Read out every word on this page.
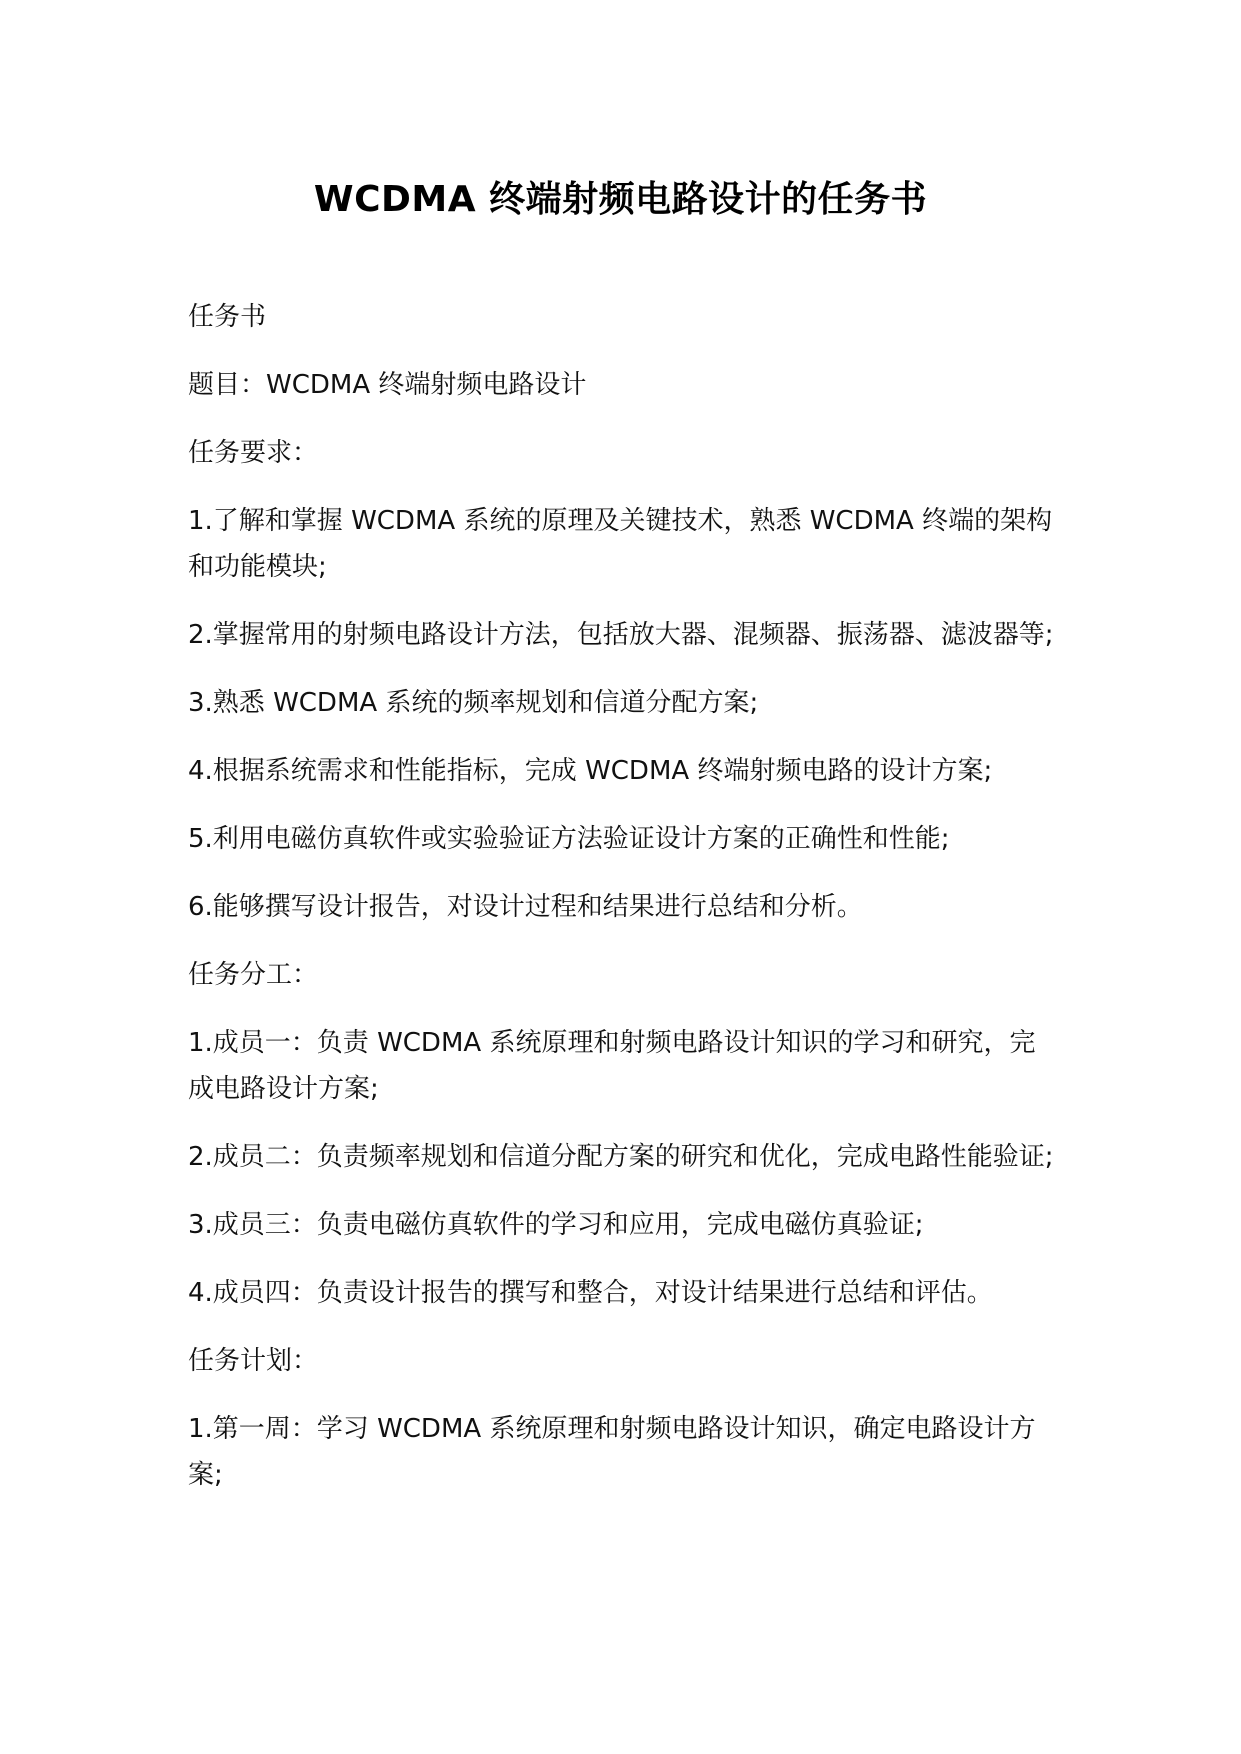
WCDMA 终端射频电路设计的任务书

任务书

题目：WCDMA 终端射频电路设计

任务要求：

1.了解和掌握 WCDMA 系统的原理及关键技术，熟悉 WCDMA 终端的架构和功能模块;

2.掌握常用的射频电路设计方法，包括放大器、混频器、振荡器、滤波器等;

3.熟悉 WCDMA 系统的频率规划和信道分配方案;

4.根据系统需求和性能指标，完成 WCDMA 终端射频电路的设计方案;

5.利用电磁仿真软件或实验验证方法验证设计方案的正确性和性能;

6.能够撰写设计报告，对设计过程和结果进行总结和分析。

任务分工：

1.成员一：负责 WCDMA 系统原理和射频电路设计知识的学习和研究，完成电路设计方案;

2.成员二：负责频率规划和信道分配方案的研究和优化，完成电路性能验证;

3.成员三：负责电磁仿真软件的学习和应用，完成电磁仿真验证;

4.成员四：负责设计报告的撰写和整合，对设计结果进行总结和评估。

任务计划：

1.第一周：学习 WCDMA 系统原理和射频电路设计知识，确定电路设计方案;
